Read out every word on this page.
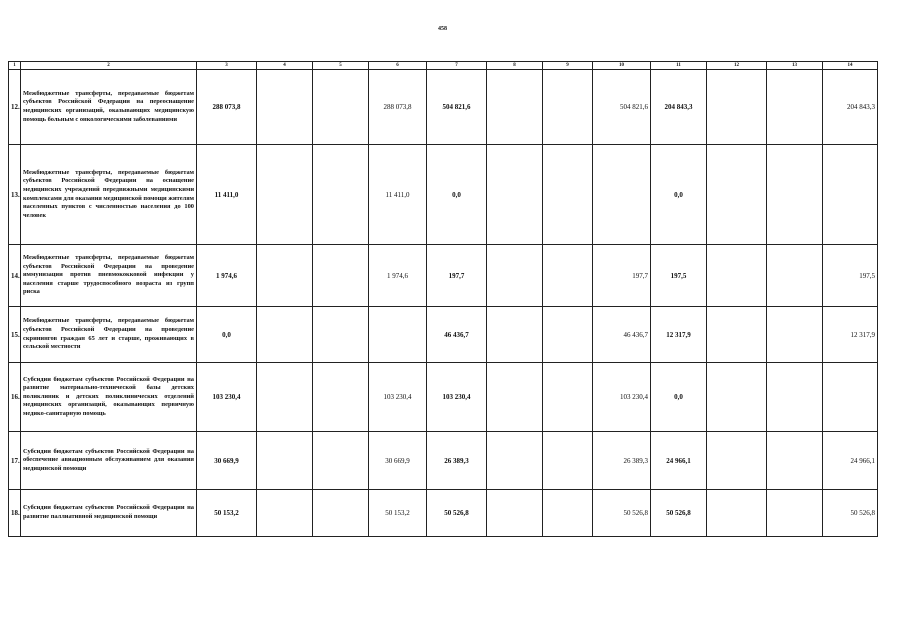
458
1	2	3	4	5	6	7	8	9	10	11	12	13	14
12.	Межбюджетные трансферты, передаваемые бюджетам субъектов Российской Федерации на переоснащение медицинских организаций, оказывающих медицинскую помощь больным с онкологическими заболеваниями	288 073,8			288 073,8	504 821,6			504 821,6	204 843,3			204 843,3
13.	Межбюджетные трансферты, передаваемые бюджетам субъектов Российской Федерации на оснащение медицинских учреждений передвижными медицинскими комплексами для оказания медицинской помощи жителям населенных пунктов с численностью населения до 100 человек	11 411,0			11 411,0	0,0				0,0			
14.	Межбюджетные трансферты, передаваемые бюджетам субъектов Российской Федерации на проведение иммунизации против пневмококковой инфекции у населения старше трудоспособного возраста из групп риска	1 974,6			1 974,6	197,7			197,7	197,5			197,5
15.	Межбюджетные трансферты, передаваемые бюджетам субъектов Российской Федерации на проведение скринингов граждан 65 лет и старше, проживающих в сельской местности	0,0				46 436,7			46 436,7	12 317,9			12 317,9
16.	Субсидии бюджетам субъектов Российской Федерации на развитие материально-технической базы детских поликлиник и детских поликлинических отделений медицинских организаций, оказывающих первичную медико-санитарную помощь	103 230,4			103 230,4	103 230,4			103 230,4	0,0			
17.	Субсидии бюджетам субъектов Российской Федерации на обеспечение авиационным обслуживанием для оказания медицинской помощи	30 669,9			30 669,9	26 389,3			26 389,3	24 966,1			24 966,1
18.	Субсидии бюджетам субъектов Российской Федерации на развитие паллиативной медицинской помощи	50 153,2			50 153,2	50 526,8			50 526,8	50 526,8			50 526,8
